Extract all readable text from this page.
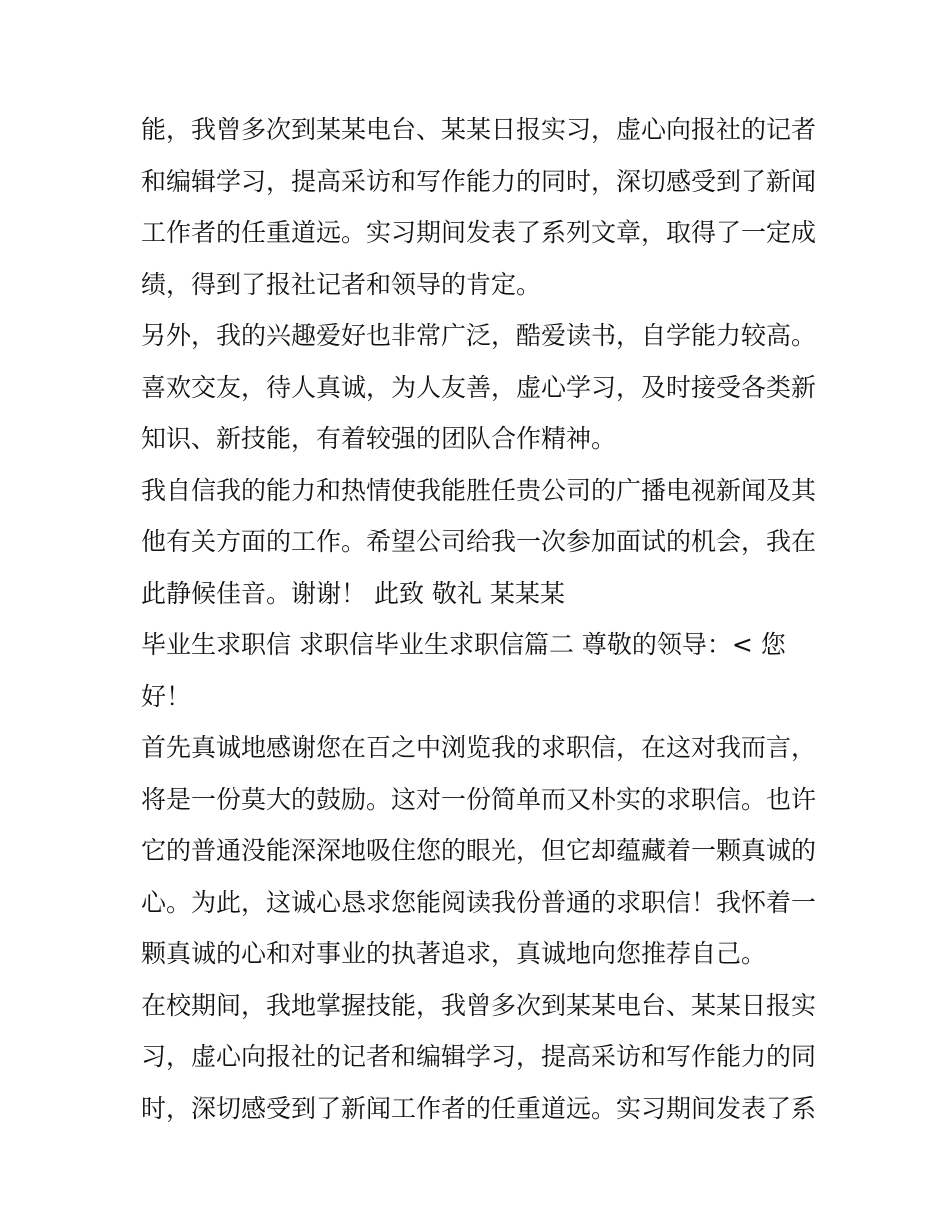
能，我曾多次到某某电台、某某日报实习，虚心向报社的记者
和编辑学习，提高采访和写作能力的同时，深切感受到了新闻
工作者的任重道远。实习期间发表了系列文章，取得了一定成
绩，得到了报社记者和领导的肯定。
另外，我的兴趣爱好也非常广泛，酷爱读书，自学能力较高。
喜欢交友，待人真诚，为人友善，虚心学习，及时接受各类新
知识、新技能，有着较强的团队合作精神。
我自信我的能力和热情使我能胜任贵公司的广播电视新闻及其
他有关方面的工作。希望公司给我一次参加面试的机会，我在
此静候佳音。谢谢！ 此致 敬礼 某某某
毕业生求职信 求职信毕业生求职信篇二 尊敬的领导：< 您
好！
首先真诚地感谢您在百之中浏览我的求职信，在这对我而言，
将是一份莫大的鼓励。这对一份简单而又朴实的求职信。也许
它的普通没能深深地吸住您的眼光，但它却蕴藏着一颗真诚的
心。为此，这诚心恳求您能阅读我份普通的求职信！我怀着一
颗真诚的心和对事业的执著追求，真诚地向您推荐自己。
在校期间，我地掌握技能，我曾多次到某某电台、某某日报实
习，虚心向报社的记者和编辑学习，提高采访和写作能力的同
时，深切感受到了新闻工作者的任重道远。实习期间发表了系
